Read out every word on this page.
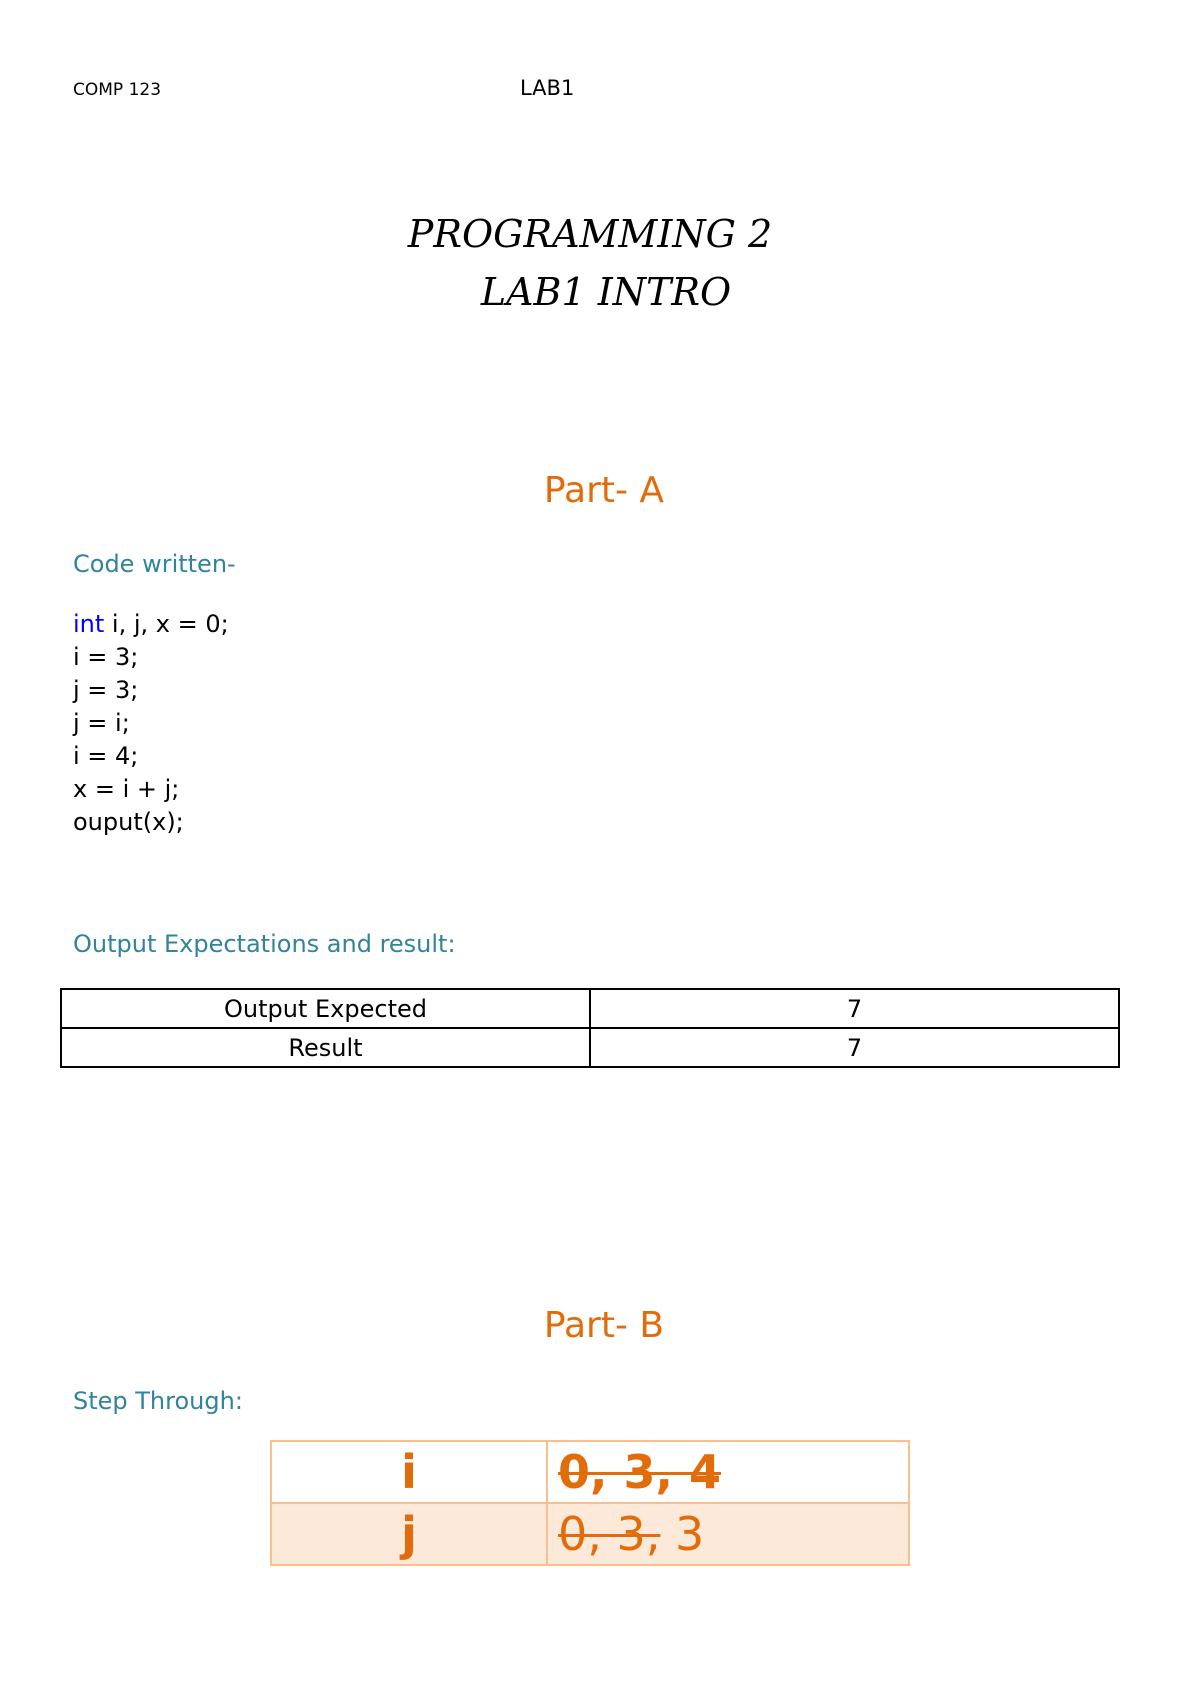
COMP 123	LAB1
PROGRAMMING 2
LAB1 INTRO
Part- A
Code written-
int i, j, x = 0;
i = 3;
j = 3;
j = i;
i = 4;
x = i + j;
ouput(x);
Output Expectations and result:
Output Expected	7
Result	7
Part- B
Step Through:
i	0, 3, 4
j	0, 3, 3
